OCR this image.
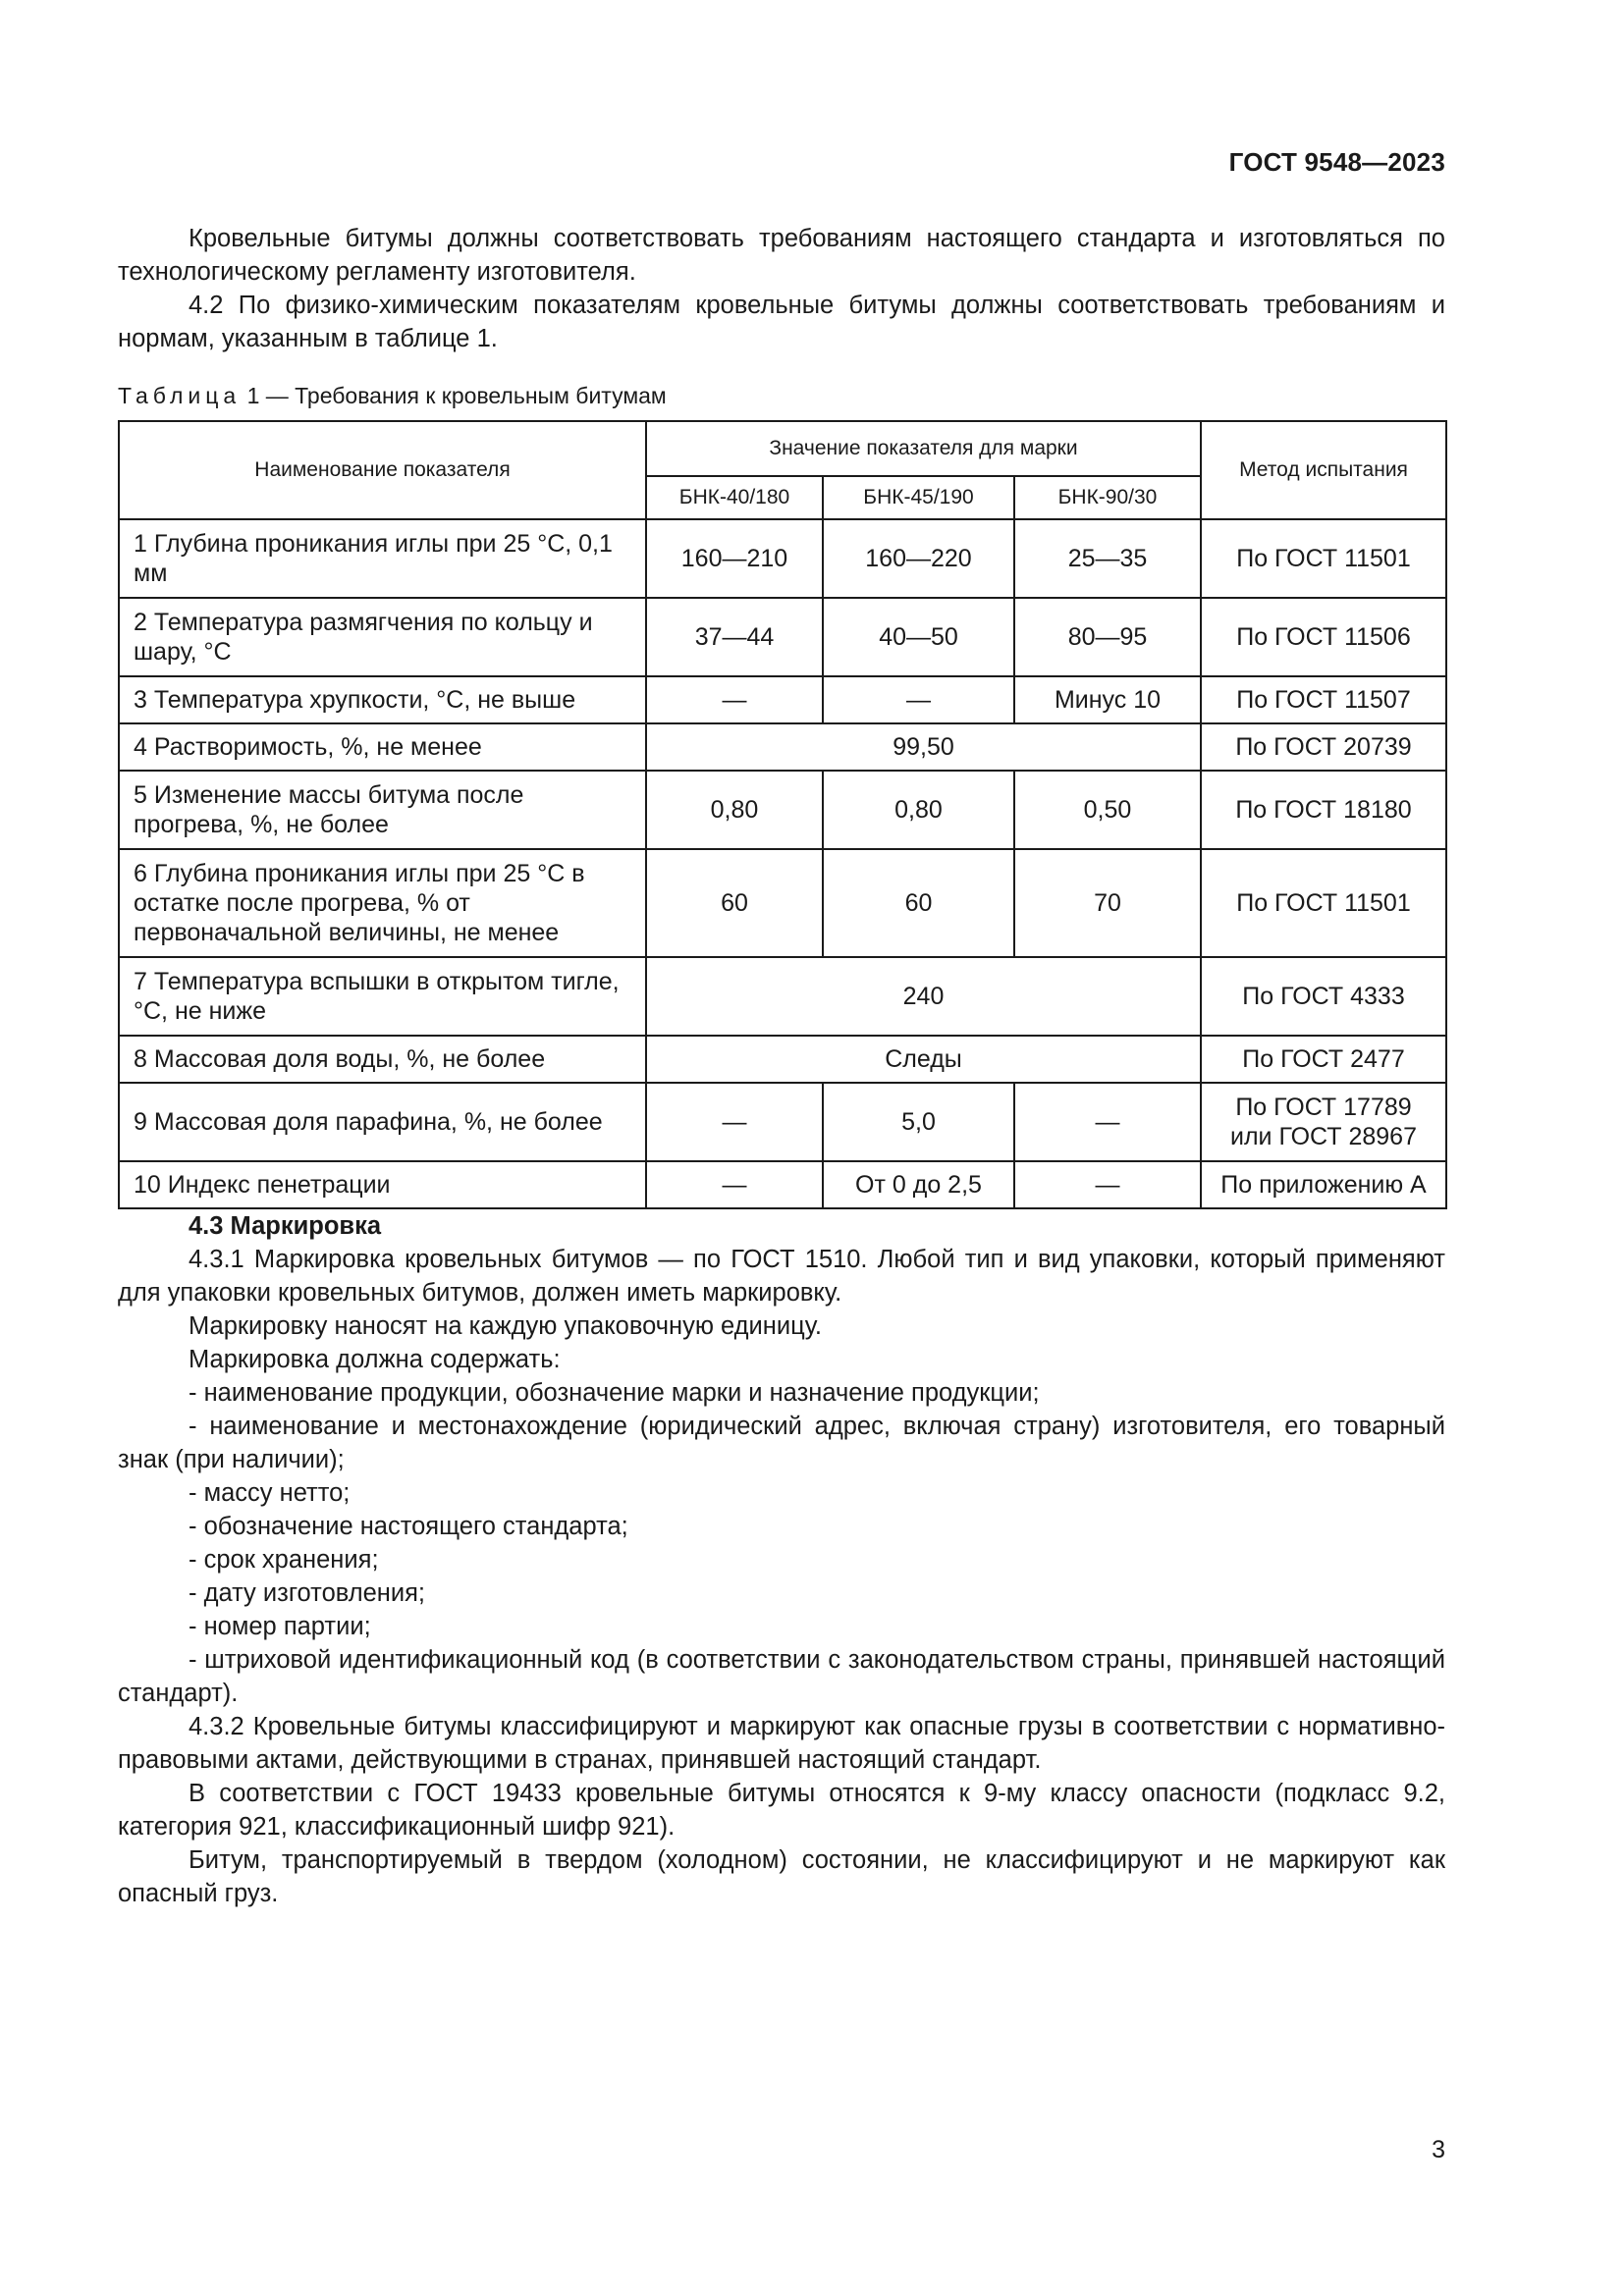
ГОСТ 9548—2023

Кровельные битумы должны соответствовать требованиям настоящего стандарта и изготовляться по технологическому регламенту изготовителя.

4.2 По физико-химическим показателям кровельные битумы должны соответствовать требованиям и нормам, указанным в таблице 1.

Таблица 1 — Требования к кровельным битумам
Наименование показателя	Значение показателя для марки			Метод испытания
	БНК-40/180	БНК-45/190	БНК-90/30	
1 Глубина проникания иглы при 25 °С, 0,1 мм	160—210	160—220	25—35	По ГОСТ 11501
2 Температура размягчения по кольцу и шару, °С	37—44	40—50	80—95	По ГОСТ 11506
3 Температура хрупкости, °С, не выше	—	—	Минус 10	По ГОСТ 11507
4 Растворимость, %, не менее	99,50			По ГОСТ 20739
5 Изменение массы битума после прогрева, %, не более	0,80	0,80	0,50	По ГОСТ 18180
6 Глубина проникания иглы при 25 °С в остатке после прогрева, % от первоначальной величины, не менее	60	60	70	По ГОСТ 11501
7 Температура вспышки в открытом тигле, °С, не ниже	240			По ГОСТ 4333
8 Массовая доля воды, %, не более	Следы			По ГОСТ 2477
9 Массовая доля парафина, %, не более	—	5,0	—	По ГОСТ 17789 или ГОСТ 28967
10 Индекс пенетрации	—	От 0 до 2,5	—	По приложению А

4.3 Маркировка

4.3.1 Маркировка кровельных битумов — по ГОСТ 1510. Любой тип и вид упаковки, который применяют для упаковки кровельных битумов, должен иметь маркировку.

Маркировку наносят на каждую упаковочную единицу.

Маркировка должна содержать:

- наименование продукции, обозначение марки и назначение продукции;

- наименование и местонахождение (юридический адрес, включая страну) изготовителя, его товарный знак (при наличии);

- массу нетто;

- обозначение настоящего стандарта;

- срок хранения;

- дату изготовления;

- номер партии;

- штриховой идентификационный код (в соответствии с законодательством страны, принявшей настоящий стандарт).

4.3.2 Кровельные битумы классифицируют и маркируют как опасные грузы в соответствии с нормативно-правовыми актами, действующими в странах, принявшей настоящий стандарт.

В соответствии с ГОСТ 19433 кровельные битумы относятся к 9-му классу опасности (подкласс 9.2, категория 921, классификационный шифр 921).

Битум, транспортируемый в твердом (холодном) состоянии, не классифицируют и не маркируют как опасный груз.

3
